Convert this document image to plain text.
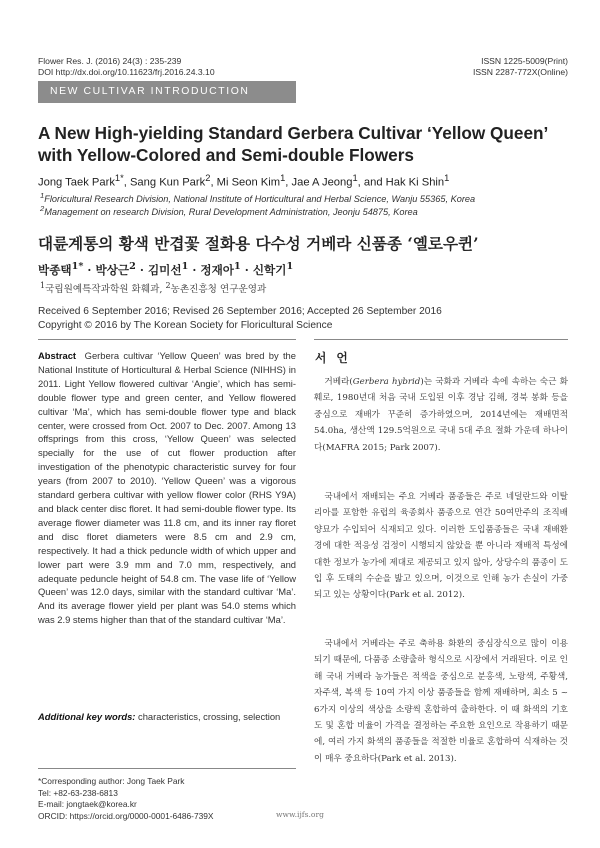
Flower Res. J. (2016) 24(3) : 235-239
DOI http://dx.doi.org/10.11623/frj.2016.24.3.10
ISSN 1225-5009(Print)
ISSN 2287-772X(Online)
NEW CULTIVAR INTRODUCTION
A New High-yielding Standard Gerbera Cultivar ‘Yellow Queen’
with Yellow-Colored and Semi-double Flowers
Jong Taek Park$^{1*}$, Sang Kun Park$^2$, Mi Seon Kim$^1$, Jae A Jeong$^1$, and Hak Ki Shin$^1$
$^1$Floricultural Research Division, National Institute of Horticultural and Herbal Science, Wanju 55365, Korea
$^2$Management on research Division, Rural Development Administration, Jeonju 54875, Korea
대륜계통의 황색 반겹꽃 절화용 다수성 거베라 신품종 ‘옐로우퀸’
박종택$^{1*}$ · 박상근$^2$ · 김미선$^1$ · 정재아$^1$ · 신학기$^1$
$^1$국립원예특작과학원 화훼과, $^2$농촌진흥청 연구운영과
Received 6 September 2016; Revised 26 September 2016; Accepted 26 September 2016
Copyright © 2016 by The Korean Society for Floricultural Science
Abstract Gerbera cultivar ‘Yellow Queen’ was bred by the National Institute of Horticultural & Herbal Science (NIHHS) in 2011. Light Yellow flowered cultivar ‘Angie’, which has semi-double flower type and green center, and Yellow flowered cultivar ‘Ma’, which has semi-double flower type and black center, were crossed from Oct. 2007 to Dec. 2007. Among 13 offsprings from this cross, ‘Yellow Queen’ was selected specially for the use of cut flower production after investigation of the phenotypic characteristic survey for four years (from 2007 to 2010). ‘Yellow Queen’ was a vigorous standard gerbera cultivar with yellow flower color (RHS Y9A) and black center disc floret. It had semi-double flower type. Its average flower diameter was 11.8 cm, and its inner ray floret and disc floret diameters were 8.5 cm and 2.9 cm, respectively. It had a thick peduncle width of which upper and lower part were 3.9 mm and 7.0 mm, respectively, and adequate peduncle height of 54.8 cm. The vase life of ‘Yellow Queen’ was 12.0 days, similar with the standard cultivar ‘Ma’. And its average flower yield per plant was 54.0 stems which was 2.9 stems higher than that of the standard cultivar ‘Ma’.
Additional key words: characteristics, crossing, selection
*Corresponding author: Jong Taek Park
Tel: +82-63-238-6813
E-mail: jongtaek@korea.kr
ORCID: https://orcid.org/0000-0001-6486-739X
서언

거베라(Gerbera hybrid)는 국화과 거베라 속에 속하는 숙근 화훼로, 1980년대 처음 국내 도입된 이후 경남 김해, 경북 봉화 등을 중심으로 재배가 꾸준히 증가하였으며, 2014년에는 재배면적 54.0ha, 생산액 129.5억원으로 국내 5대 주요 절화 가운데 하나이다(MAFRA 2015; Park 2007).

국내에서 재배되는 주요 거베라 품종들은 주로 네덜란드와 이탈리아를 포함한 유럽의 육종회사 품종으로 연간 50여만주의 조직배양묘가 수입되어 식재되고 있다. 이러한 도입품종들은 국내 재배환경에 대한 적응성 검정이 시행되지 않았을 뿐 아니라 재배적 특성에 대한 정보가 농가에 제대로 제공되고 있지 않아, 상당수의 품종이 도입 후 도태의 수순을 밟고 있으며, 이것으로 인해 농가 손실이 가중되고 있는 상황이다(Park et al. 2012).

국내에서 거베라는 주로 축하용 화환의 중심장식으로 많이 이용되기 때문에, 다품종 소량출하 형식으로 시장에서 거래된다. 이로 인해 국내 거베라 농가들은 적색을 중심으로 분홍색, 노랑색, 주황색, 자주색, 복색 등 10여 가지 이상 품종들을 함께 재배하며, 최소 5 ~ 6가지 이상의 색상을 소량씩 혼합하여 출하한다. 이 때 화색의 기호도 및 혼합 비율이 가격을 결정하는 주요한 요인으로 작용하기 때문에, 여러 가지 화색의 품종들을 적절한 비율로 혼합하여 식재하는 것이 매우 중요하다(Park et al. 2013).

www.ijfs.org
